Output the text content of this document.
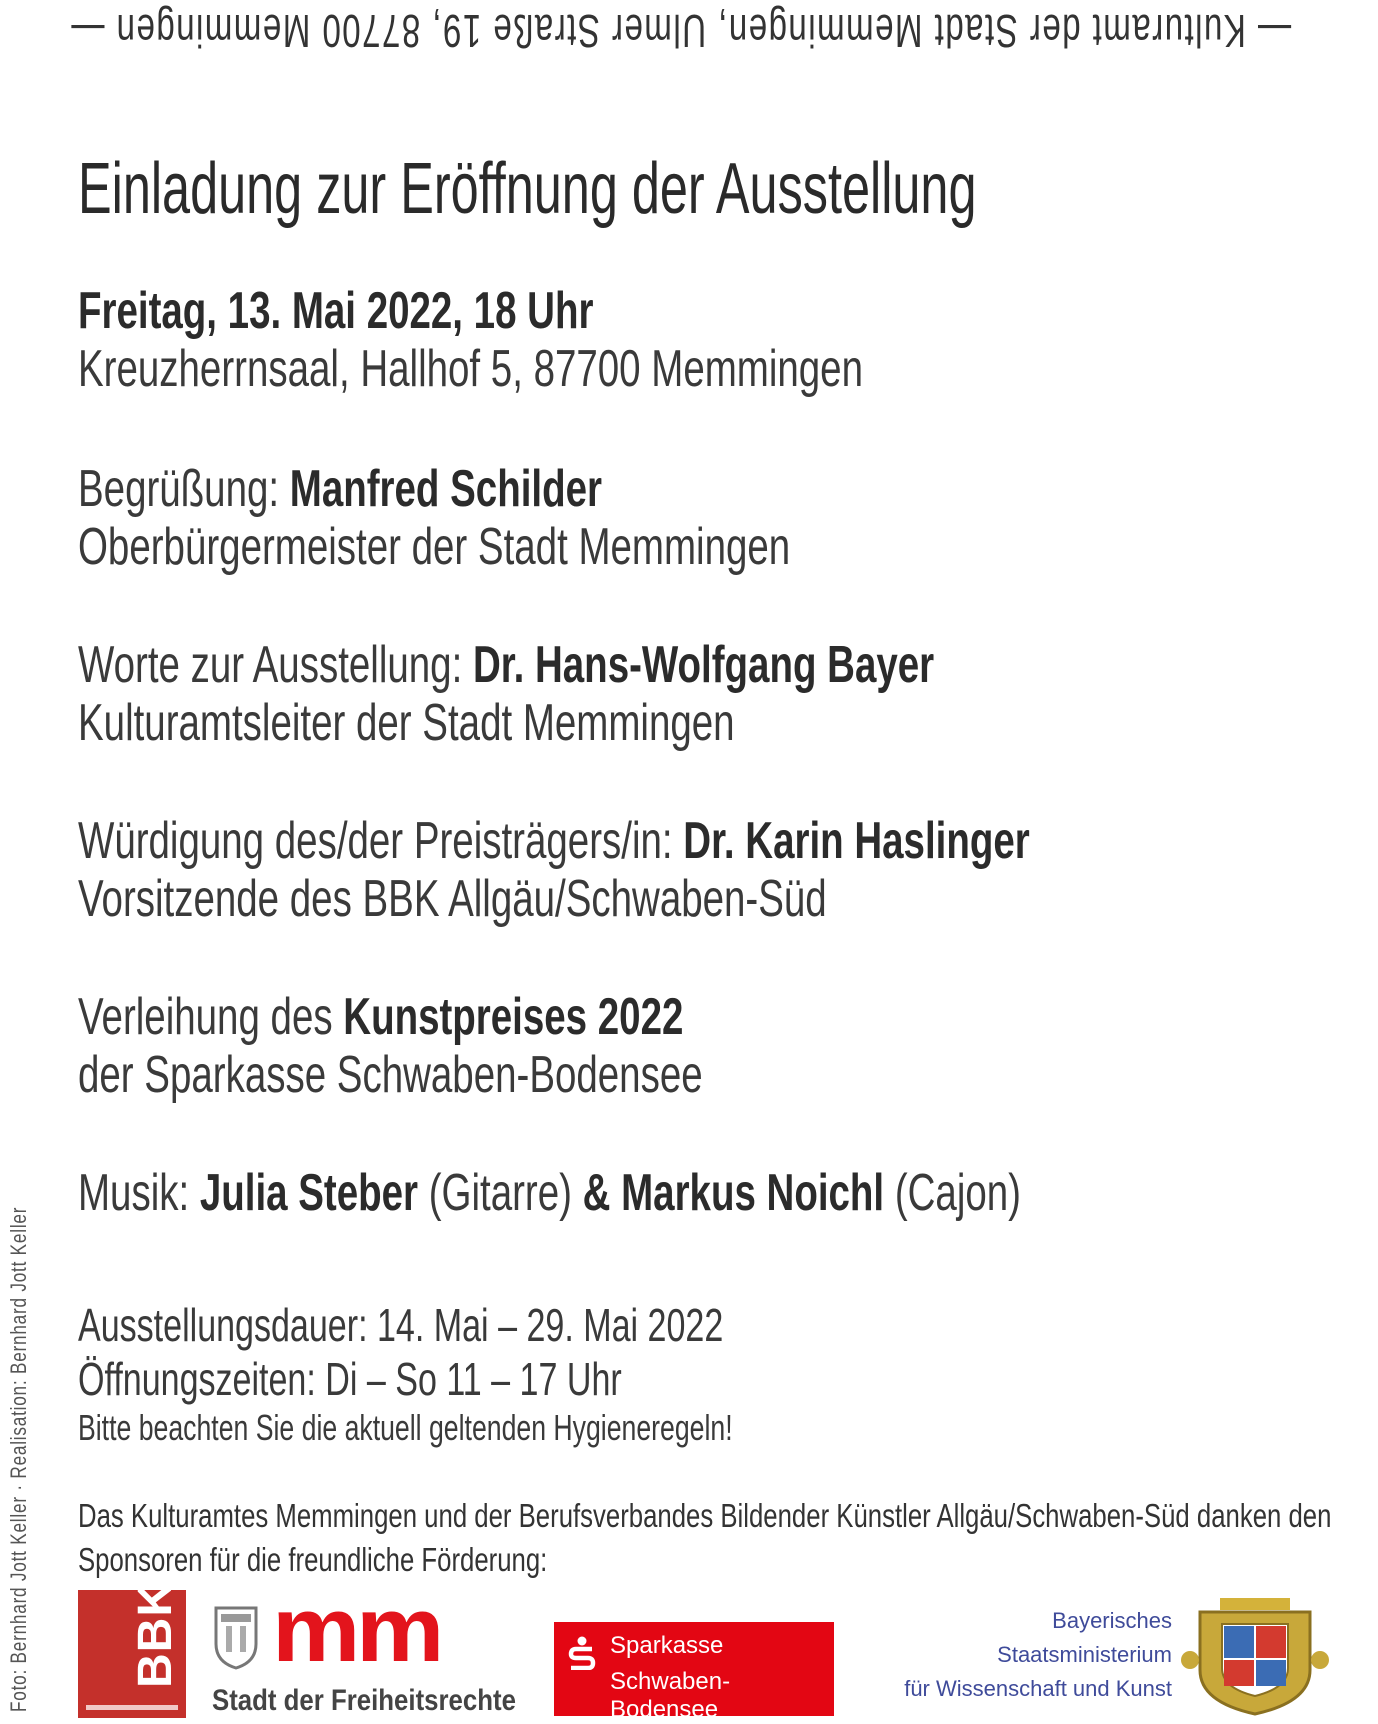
— Kulturamt der Stadt Memmingen, Ulmer Straße 19, 87700 Memmingen —
Einladung zur Eröffnung der Ausstellung
Freitag, 13. Mai 2022, 18 Uhr
Kreuzherrnsaal, Hallhof 5, 87700 Memmingen
Begrüßung: Manfred Schilder
Oberbürgermeister der Stadt Memmingen
Worte zur Ausstellung: Dr. Hans-Wolfgang Bayer
Kulturamtsleiter der Stadt Memmingen
Würdigung des/der Preisträgers/in: Dr. Karin Haslinger
Vorsitzende des BBK Allgäu/Schwaben-Süd
Verleihung des Kunstpreises 2022
der Sparkasse Schwaben-Bodensee
Musik: Julia Steber (Gitarre) & Markus Noichl (Cajon)
Ausstellungsdauer: 14. Mai – 29. Mai 2022
Öffnungszeiten: Di – So 11 – 17 Uhr
Bitte beachten Sie die aktuell geltenden Hygieneregeln!
Das Kulturamtes Memmingen und der Berufsverbandes Bildender Künstler Allgäu/Schwaben-Süd danken den Sponsoren für die freundliche Förderung:
Foto: Bernhard Jott Keller · Realisation: Bernhard Jott Keller BBK mm
Stadt der Freiheitsrechte
Sparkasse
Schwaben-Bodensee
Bayerisches
Staatsministerium
für Wissenschaft und Kunst
